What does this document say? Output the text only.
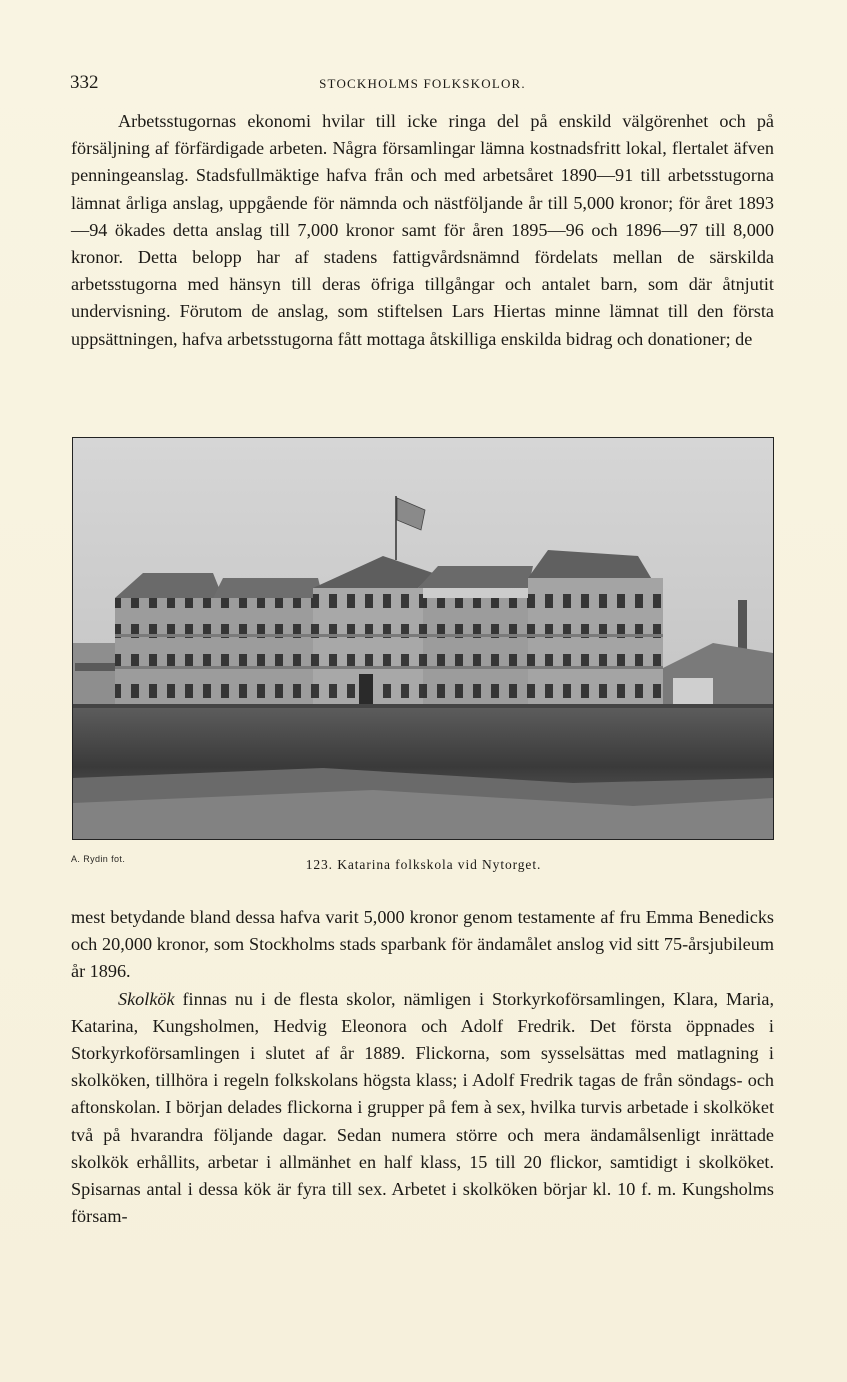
332	STOCKHOLMS FOLKSKOLOR.

Arbetsstugornas ekonomi hvilar till icke ringa del på enskild välgörenhet och på försäljning af förfärdigade arbeten. Några församlingar lämna kostnadsfritt lokal, flertalet äfven penningeanslag. Stadsfullmäktige hafva från och med arbetsåret 1890—91 till arbetsstugorna lämnat årliga anslag, uppgående för nämnda och nästföljande år till 5,000 kronor; för året 1893—94 ökades detta anslag till 7,000 kronor samt för åren 1895—96 och 1896—97 till 8,000 kronor. Detta belopp har af stadens fattigvårdsnämnd fördelats mellan de särskilda arbetsstugorna med hänsyn till deras öfriga tillgångar och antalet barn, som där åtnjutit undervisning. Förutom de anslag, som stiftelsen Lars Hiertas minne lämnat till den första uppsättningen, hafva arbetsstugorna fått mottaga åtskilliga enskilda bidrag och donationer; de

A. Rydin fot.	123. Katarina folkskola vid Nytorget.

mest betydande bland dessa hafva varit 5,000 kronor genom testamente af fru Emma Benedicks och 20,000 kronor, som Stockholms stads sparbank för ändamålet anslog vid sitt 75-årsjubileum år 1896.

Skolkök finnas nu i de flesta skolor, nämligen i Storkyrkoförsamlingen, Klara, Maria, Katarina, Kungsholmen, Hedvig Eleonora och Adolf Fredrik. Det första öppnades i Storkyrkoförsamlingen i slutet af år 1889. Flickorna, som sysselsättas med matlagning i skolköken, tillhöra i regeln folkskolans högsta klass; i Adolf Fredrik tagas de från söndags- och aftonskolan. I början delades flickorna i grupper på fem à sex, hvilka turvis arbetade i skolköket två på hvarandra följande dagar. Sedan numera större och mera ändamålsenligt inrättade skolkök erhållits, arbetar i allmänhet en half klass, 15 till 20 flickor, samtidigt i skolköket. Spisarnas antal i dessa kök är fyra till sex. Arbetet i skolköken börjar kl. 10 f. m. Kungsholms försam-
